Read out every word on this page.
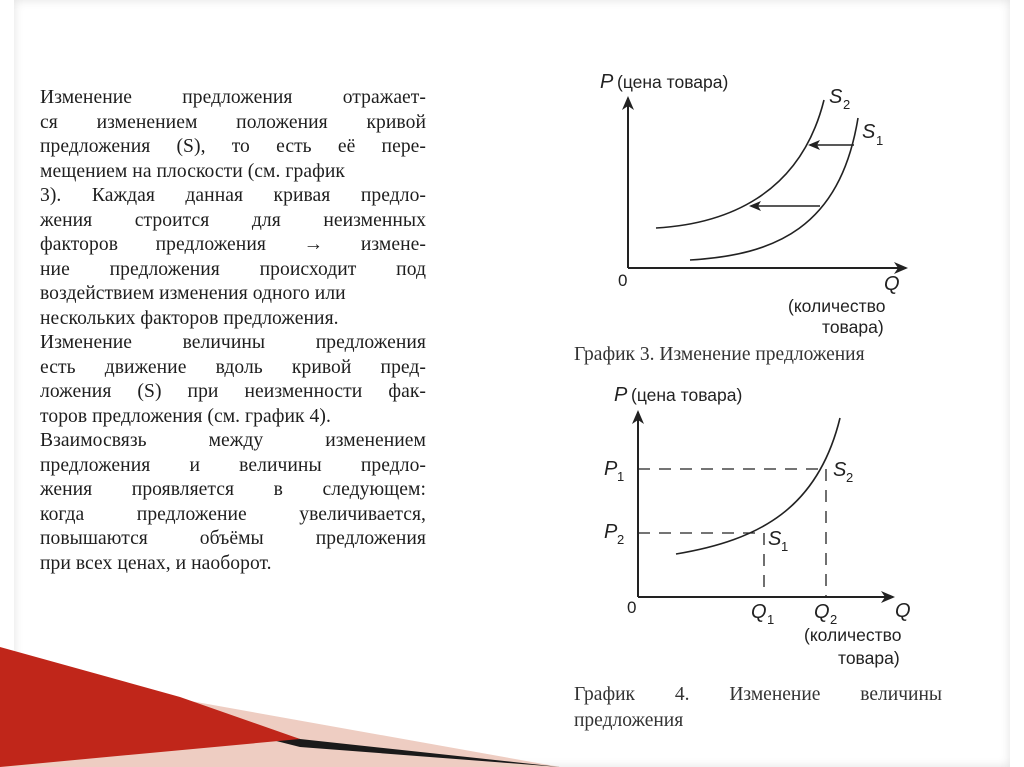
Изменение предложения отражает-
ся изменением положения кривой
предложения (S), то есть её пере-
мещением на плоскости (см. график
3). Каждая данная кривая предло-
жения строится для неизменных
факторов предложения → измене-
ние предложения происходит под
воздействием изменения одного или
нескольких факторов предложения.
Изменение величины предложения
есть движение вдоль кривой пред-
ложения (S) при неизменности фак-
торов предложения (см. график 4).
Взаимосвязь между изменением
предложения и величины предло-
жения проявляется в следующем:
когда предложение увеличивается,
повышаются объёмы предложения
при всех ценах, и наоборот.
P (цена товара)
0	Q
(количество
товара)
S 2
S 1
P (цена товара)
0	Q
(количество
товара)
P 1
P 2
Q 1 Q 2
S 2
S 1
График 3. Изменение предложения
График 4. Изменение величины
предложения
